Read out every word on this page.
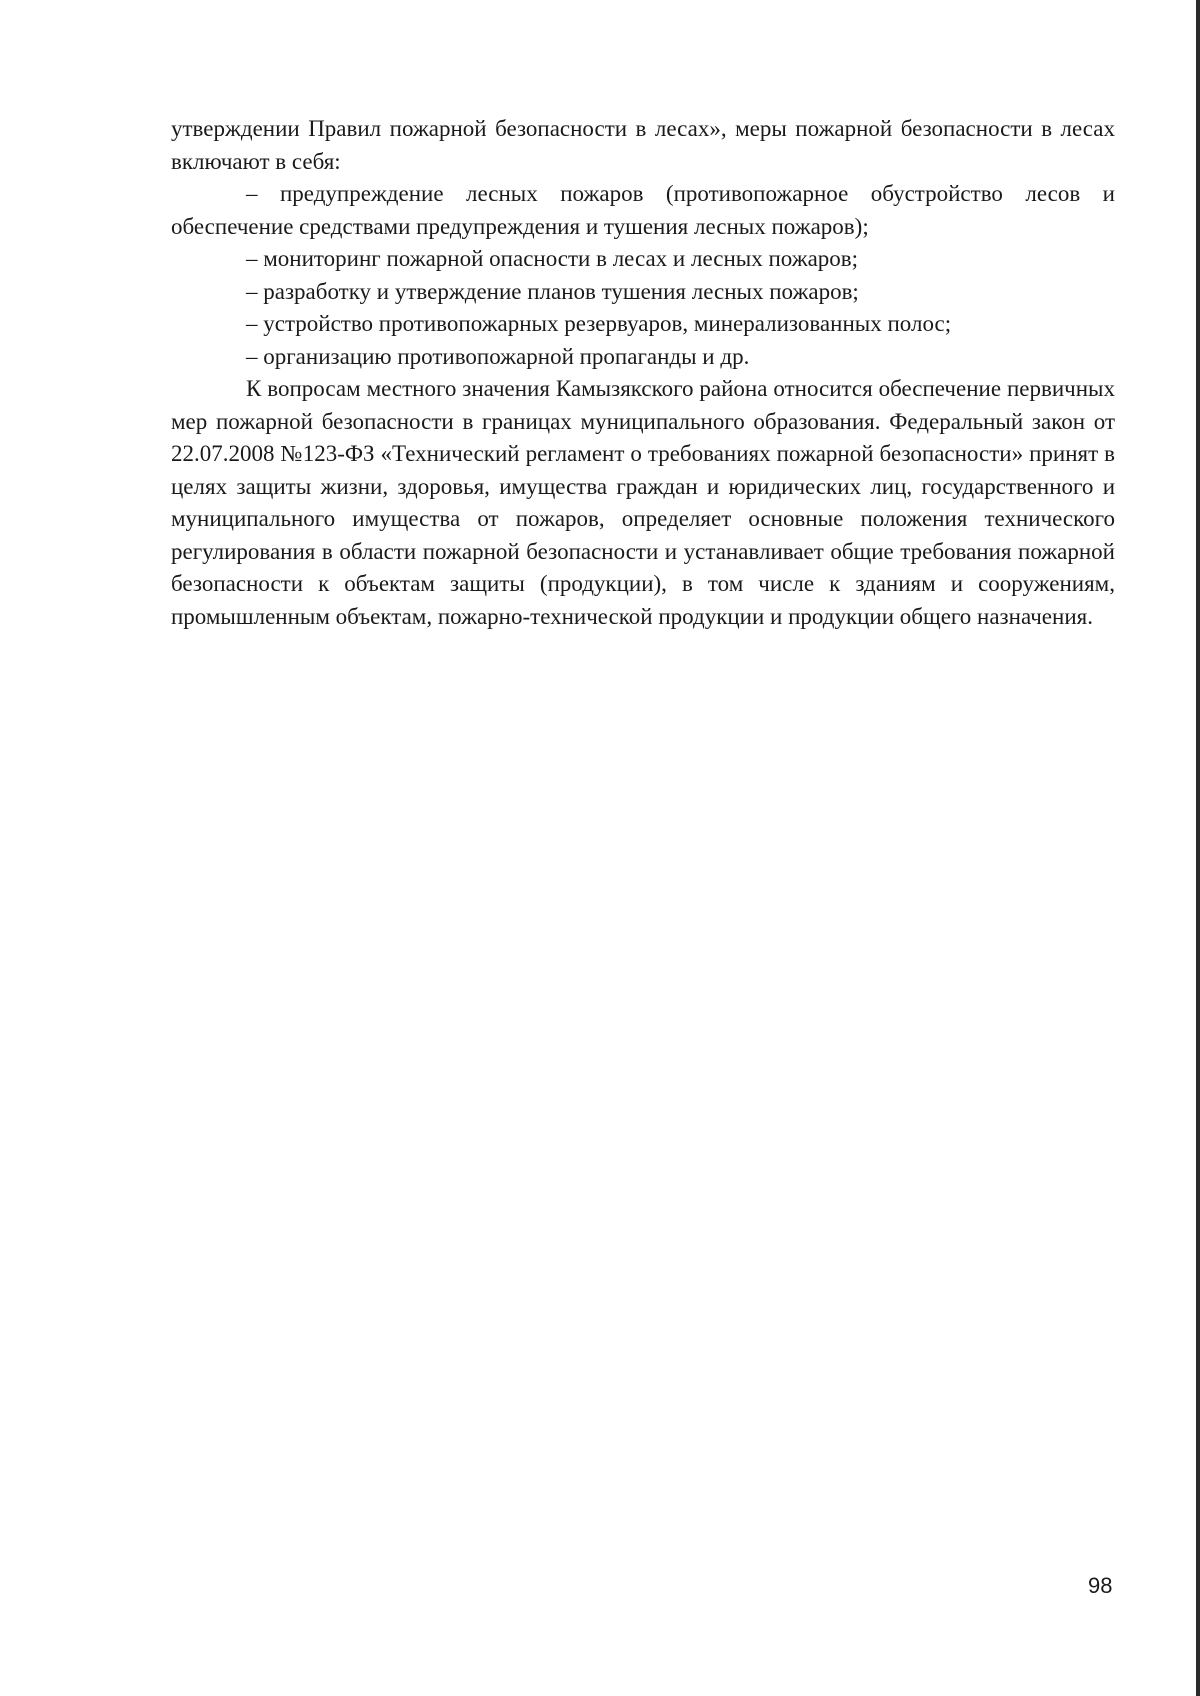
утверждении Правил пожарной безопасности в лесах», меры пожарной безопасности в лесах включают в себя:

– предупреждение лесных пожаров (противопожарное обустройство лесов и обеспечение средствами предупреждения и тушения лесных пожаров);

– мониторинг пожарной опасности в лесах и лесных пожаров;

– разработку и утверждение планов тушения лесных пожаров;

– устройство противопожарных резервуаров, минерализованных полос;

– организацию противопожарной пропаганды и др.

К вопросам местного значения Камызякского района относится обеспечение первичных мер пожарной безопасности в границах муниципального образования. Федеральный закон от 22.07.2008 №123-ФЗ «Технический регламент о требованиях пожарной безопасности» принят в целях защиты жизни, здоровья, имущества граждан и юридических лиц, государственного и муниципального имущества от пожаров, определяет основные положения технического регулирования в области пожарной безопасности и устанавливает общие требования пожарной безопасности к объектам защиты (продукции), в том числе к зданиям и сооружениям, промышленным объектам, пожарно-технической продукции и продукции общего назначения.

98
